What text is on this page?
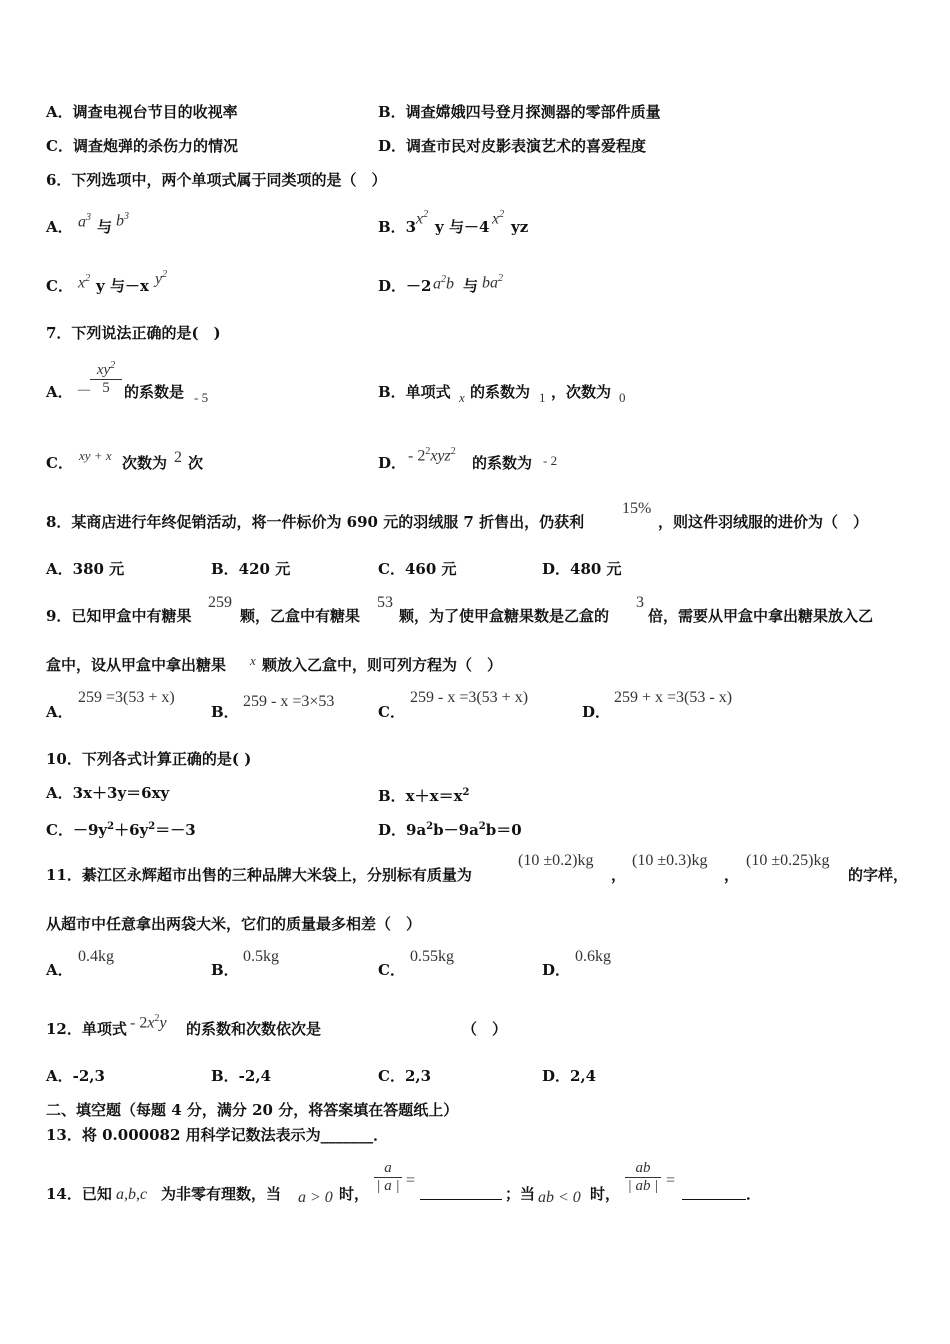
A．调查电视台节目的收视率	B．调查嫦娥四号登月探测器的零部件质量
C．调查炮弹的杀伤力的情况	D．调查市民对皮影表演艺术的喜爱程度
6．下列选项中，两个单项式属于同类项的是（　）
A． $a^3$
与 $b^3$
B．3 $x^2$
y 与－4 $x^2$
yz
C． $x^2$ y 与－x $y^2$
D．－2 $a^2b$ 与 $ba^2$
7．下列说法正确的是(　)
A． －
$xy^2$
5 的系数是 - 5	B．单项式 x 的系数为 1 ，次数为 0
C． xy + x 次数为 2 次	D． - $2^2xyz^2$
的系数为 - 2
8．某商店进行年终促销活动，将一件标价为 690 元的羽绒服 7 折售出，仍获利
15%
，则这件羽绒服的进价为（　）
A．380 元	B．420 元	C．460 元	D．480 元
9．已知甲盒中有糖果
259
颗，乙盒中有糖果
53
颗，为了使甲盒糖果数是乙盒的
3
倍，需要从甲盒中拿出糖果放入乙
盒中，设从甲盒中拿出糖果 x 颗放入乙盒中，则可列方程为（　）
A．
259 =3(53 + x)
B．
259 - x =3×53
C．
259 - x =3(53 + x)
D．
259 + x =3(53 - x)
10．下列各式计算正确的是( )
A．3x＋3y＝6xy	B．$x+x=x^2$
C．$-9y^2+6y^2=-3$	D．$9a^2b-9a^2b=0$
11．綦江区永辉超市出售的三种品牌大米袋上，分别标有质量为
(10 ±0.2)kg
，
(10 ±0.3)kg
，
(10 ±0.25)kg
的字样，
从超市中任意拿出两袋大米，它们的质量最多相差（　）
A．
0.4kg
B．
0.5kg
C．
0.55kg
D．
0.6kg
12．单项式 - $2x^2y$ 的系数和次数依次是	（　）
A．-2,3	B．-2,4	C．2,3	D．2,4
二、填空题（每题 4 分，满分 20 分，将答案填在答题纸上）
13．将 0.000082 用科学记数法表示为_______．
14．已知 a,b,c 为非零有理数，当 a > 0 时，
a
| a | =
；当 ab < 0 时，
ab
| ab | =
．
